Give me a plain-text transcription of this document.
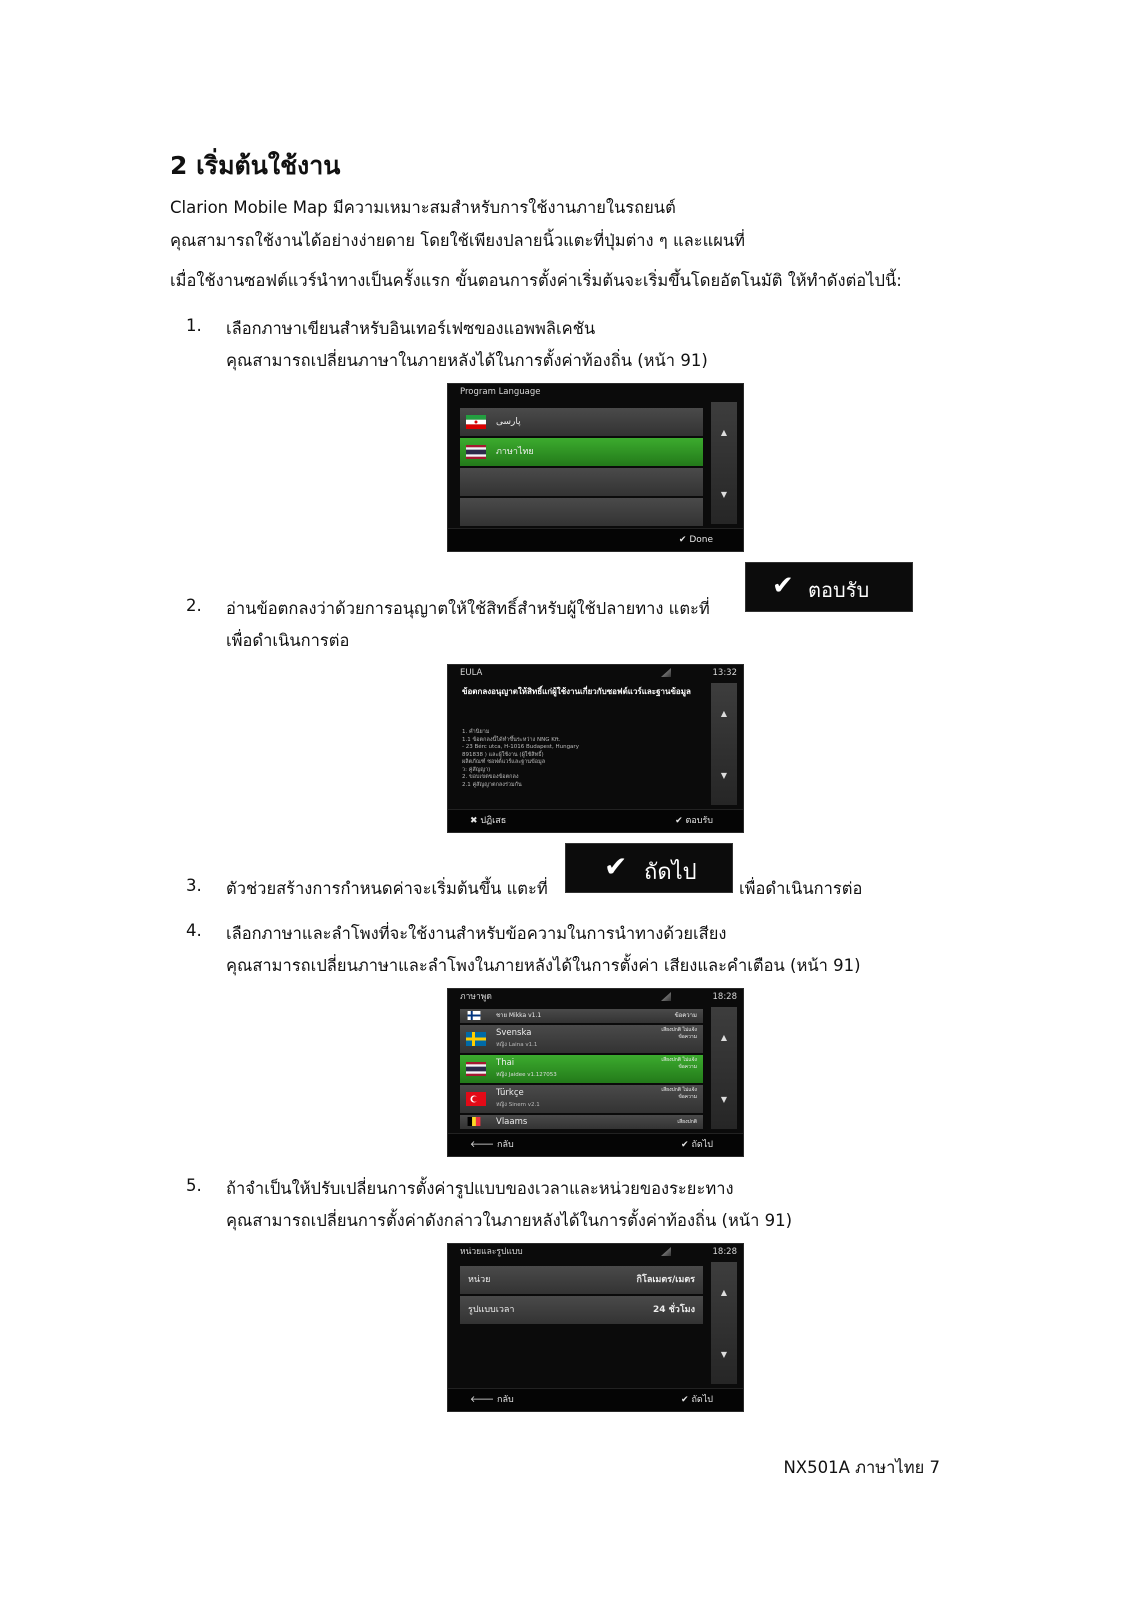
2 เริ่มต้นใช้งาน
Clarion Mobile Map มีความเหมาะสมสำหรับการใช้งานภายในรถยนต์
คุณสามารถใช้งานได้อย่างง่ายดาย โดยใช้เพียงปลายนิ้วแตะที่ปุ่มต่าง ๆ และแผนที่
เมื่อใช้งานซอฟต์แวร์นำทางเป็นครั้งแรก ขั้นตอนการตั้งค่าเริ่มต้นจะเริ่มขึ้นโดยอัตโนมัติ ให้ทำดังต่อไปนี้:
1. เลือกภาษาเขียนสำหรับอินเทอร์เฟซของแอพพลิเคชัน
คุณสามารถเปลี่ยนภาษาในภายหลังได้ในการตั้งค่าท้องถิ่น (หน้า 91)
Program Language
پارسی
ภาษาไทย
▲
▼
✔ Done
2. อ่านข้อตกลงว่าด้วยการอนุญาตให้ใช้สิทธิ์สำหรับผู้ใช้ปลายทาง แตะที่
✔ ตอบรับ
เพื่อดำเนินการต่อ
EULA	13:32
ข้อตกลงอนุญาตให้สิทธิ์แก่ผู้ใช้งานเกี่ยวกับซอฟต์แวร์และฐานข้อมูล
1. คำนิยาม
1.1 ข้อตกลงนี้ได้ทำขึ้นระหว่าง NNG Kft.
- 23 Bérc utca, H-1016 Budapest, Hungary
891838 ) และผู้ใช้งาน (ผู้ใช้สิทธิ์)
ผลิตภัณฑ์ ซอฟต์แวร์และฐานข้อมูล
ว: คู่สัญญา)
2. ขอบเขตของข้อตกลง
2.1 คู่สัญญาตกลงร่วมกัน
▲
▼
✖ ปฏิเสธ	✔ ตอบรับ
3. ตัวช่วยสร้างการกำหนดค่าจะเริ่มต้นขึ้น แตะที่
✔ ถัดไป
เพื่อดำเนินการต่อ
4. เลือกภาษาและลำโพงที่จะใช้งานสำหรับข้อความในการนำทางด้วยเสียง
คุณสามารถเปลี่ยนภาษาและลำโพงในภายหลังได้ในการตั้งค่า เสียงและคำเตือน (หน้า 91)
ภาษาพูด	18:28
ชาย Mikka v1.1	ข้อความ
Svenska
หญิง Laina v1.1
เสียงปกติ ไม่แจ้ง ข้อความ
Thai
หญิง Jaidee v1.127053
เสียงปกติ ไม่แจ้ง ข้อความ
Türkçe
หญิง Sinem v2.1
เสียงปกติ ไม่แจ้ง ข้อความ
Vlaams	เสียงปกติ
▲
▼
🡐 กลับ	✔ ถัดไป
5. ถ้าจำเป็นให้ปรับเปลี่ยนการตั้งค่ารูปแบบของเวลาและหน่วยของระยะทาง
คุณสามารถเปลี่ยนการตั้งค่าดังกล่าวในภายหลังได้ในการตั้งค่าท้องถิ่น (หน้า 91)
หน่วยและรูปแบบ	18:28
หน่วย	กิโลเมตร/เมตร
รูปแบบเวลา	24 ชั่วโมง
▲
▼
🡐 กลับ	✔ ถัดไป
NX501A ภาษาไทย 7
